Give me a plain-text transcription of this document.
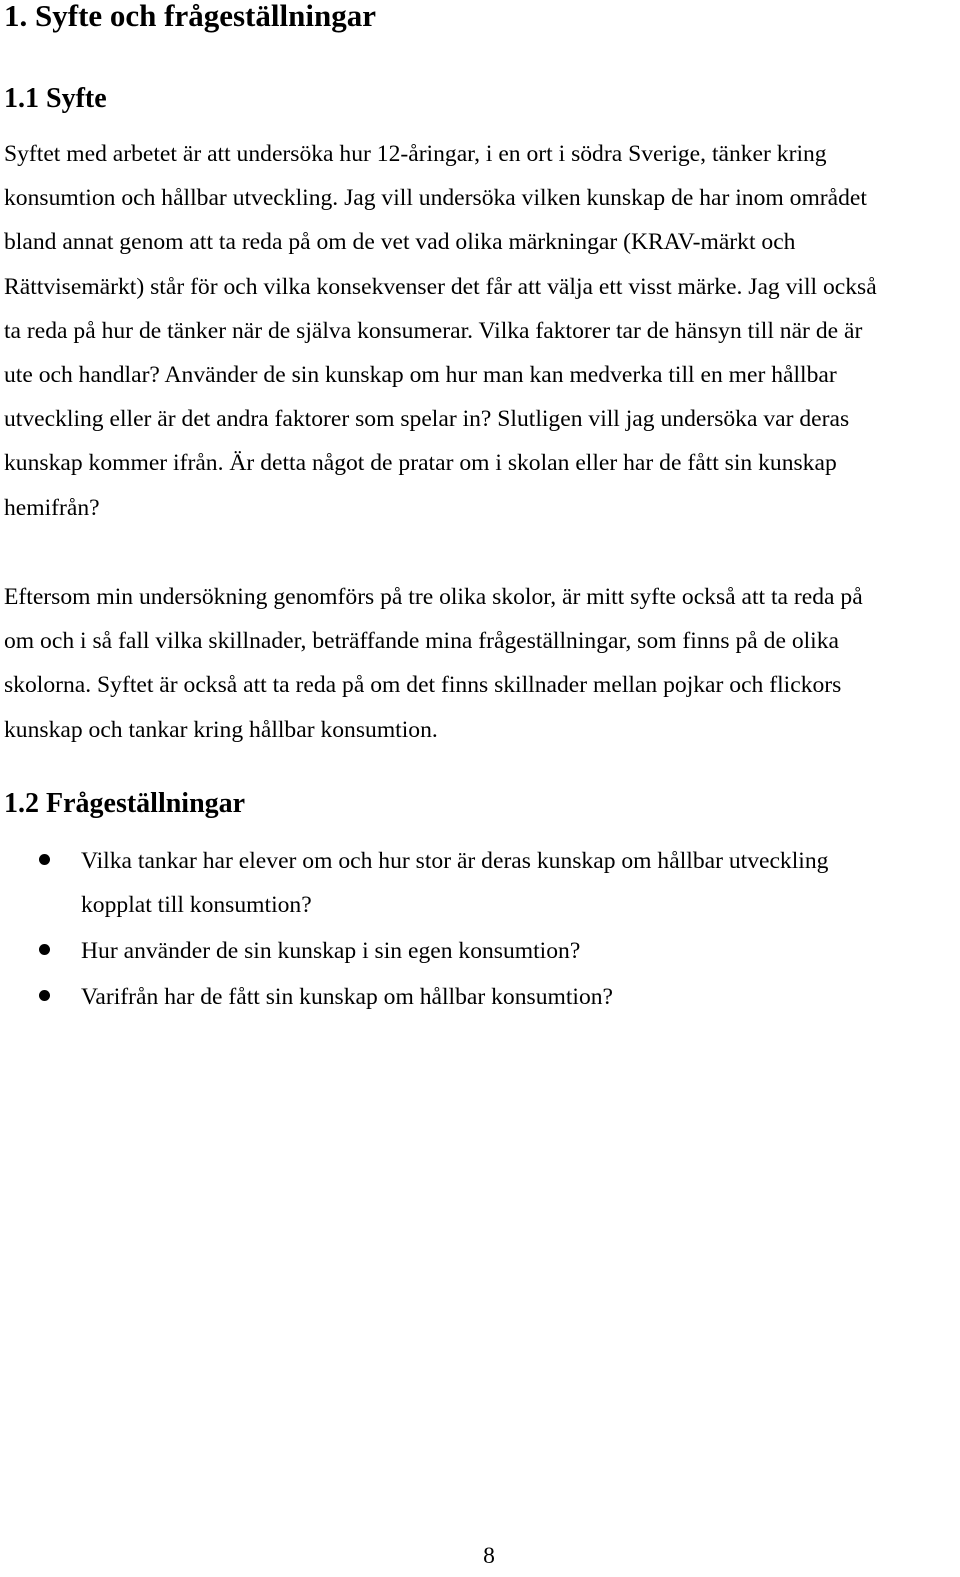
1. Syfte och frågeställningar
1.1 Syfte

Syftet med arbetet är att undersöka hur 12-åringar, i en ort i södra Sverige, tänker kring
konsumtion och hållbar utveckling. Jag vill undersöka vilken kunskap de har inom området
bland annat genom att ta reda på om de vet vad olika märkningar (KRAV-märkt och
Rättvisemärkt) står för och vilka konsekvenser det får att välja ett visst märke. Jag vill också
ta reda på hur de tänker när de själva konsumerar. Vilka faktorer tar de hänsyn till när de är
ute och handlar? Använder de sin kunskap om hur man kan medverka till en mer hållbar
utveckling eller är det andra faktorer som spelar in? Slutligen vill jag undersöka var deras
kunskap kommer ifrån. Är detta något de pratar om i skolan eller har de fått sin kunskap
hemifrån?

Eftersom min undersökning genomförs på tre olika skolor, är mitt syfte också att ta reda på
om och i så fall vilka skillnader, beträffande mina frågeställningar, som finns på de olika
skolorna. Syftet är också att ta reda på om det finns skillnader mellan pojkar och flickors
kunskap och tankar kring hållbar konsumtion.

1.2 Frågeställningar
Vilka tankar har elever om och hur stor är deras kunskap om hållbar utveckling
kopplat till konsumtion?
Hur använder de sin kunskap i sin egen konsumtion?
Varifrån har de fått sin kunskap om hållbar konsumtion?
8
